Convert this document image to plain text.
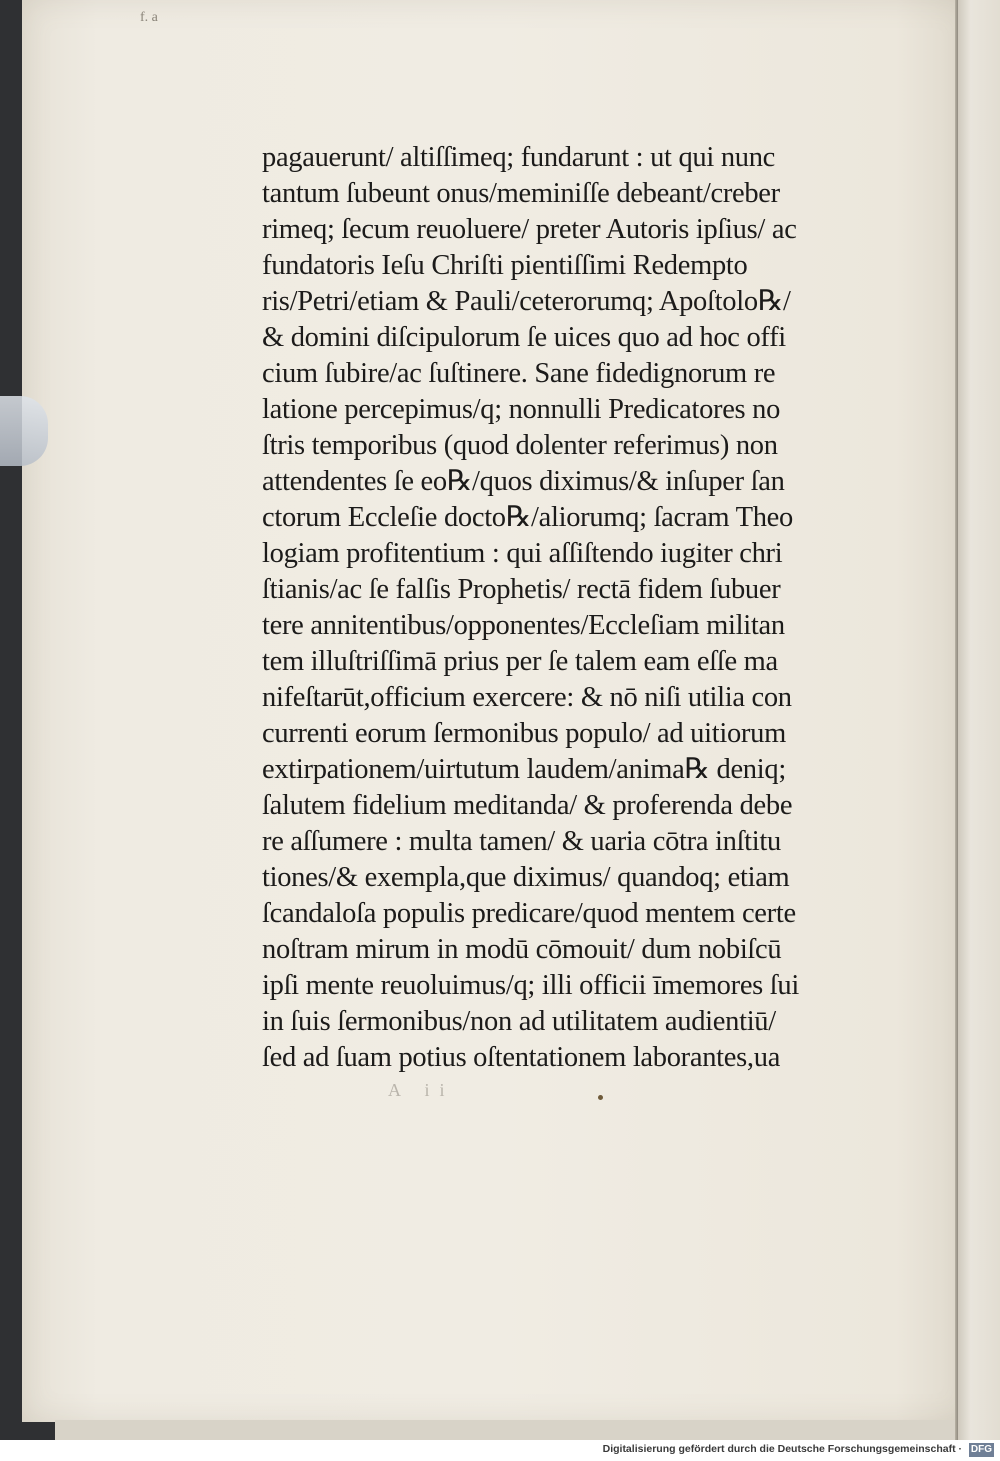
f. a
pagauerunt/ altiſſimeq; fundarunt : ut qui nunc
tantum ſubeunt onus/meminiſſe debeant/creber
rimeq; ſecum reuoluere/ preter Autoris ipſius/ ac
fundatoris Ieſu Chriſti pientiſſimi Redempto
ris/Petri/etiam & Pauli/ceterorumq; Apoſtolo℞/
& domini diſcipulorum ſe uices quo ad hoc offi
cium ſubire/ac ſuſtinere. Sane fidedignorum re
latione percepimus/q; nonnulli Predicatores no
ſtris temporibus (quod dolenter referimus) non
attendentes ſe eo℞/quos diximus/& inſuper ſan
ctorum Eccleſie docto℞/aliorumq; ſacram Theo
logiam profitentium : qui aſſiſtendo iugiter chri
ſtianis/ac ſe falſis Prophetis/ rectā fidem ſubuer
tere annitentibus/opponentes/Eccleſiam militan
tem illuſtriſſimā prius per ſe talem eam eſſe ma
nifeſtarūt,officium exercere: & nō niſi utilia con
currenti eorum ſermonibus populo/ ad uitiorum
extirpationem/uirtutum laudem/anima℞ deniq;
ſalutem fidelium meditanda/ & proferenda debe
re aſſumere : multa tamen/ & uaria cōtra inſtitu
tiones/& exempla,que diximus/ quandoq; etiam
ſcandaloſa populis predicare/quod mentem certe
noſtram mirum in modū cōmouit/ dum nobiſcū
ipſi mente reuoluimus/q; illi officii īmemores ſui
in ſuis ſermonibus/non ad utilitatem audientiū/
ſed ad ſuam potius oſtentationem laborantes,ua
A ii
Digitalisierung gefördert durch die Deutsche Forschungsgemeinschaft · DFG
